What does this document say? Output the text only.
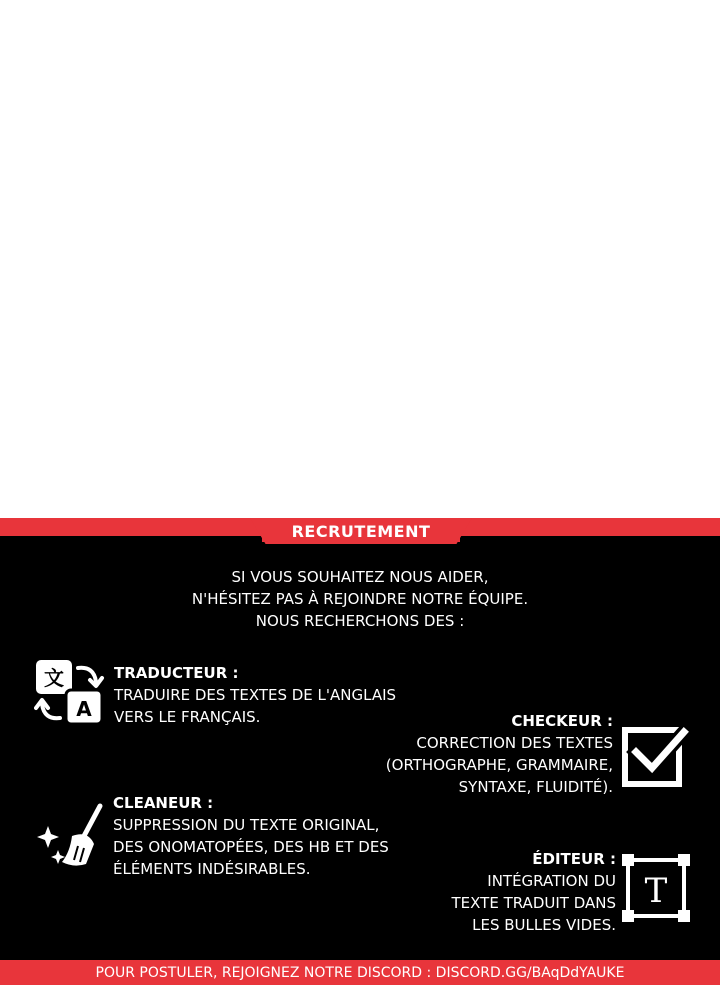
RECRUTEMENT
SI VOUS SOUHAITEZ NOUS AIDER,
N'HÉSITEZ PAS À REJOINDRE NOTRE ÉQUIPE.
NOUS RECHERCHONS DES :
文
A
TRADUCTEUR :
TRADUIRE DES TEXTES DE L'ANGLAIS
VERS LE FRANÇAIS.	CHECKEUR :
CORRECTION DES TEXTES
(ORTHOGRAPHE, GRAMMAIRE,
SYNTAXE, FLUIDITÉ).
CLEANEUR :
SUPPRESSION DU TEXTE ORIGINAL,
DES ONOMATOPÉES, DES HB ET DES
ÉLÉMENTS INDÉSIRABLES.
ÉDITEUR :
INTÉGRATION DU
TEXTE TRADUIT DANS
LES BULLES VIDES.
T
POUR POSTULER, REJOIGNEZ NOTRE DISCORD : DISCORD.GG/BAqDdYAUKE
